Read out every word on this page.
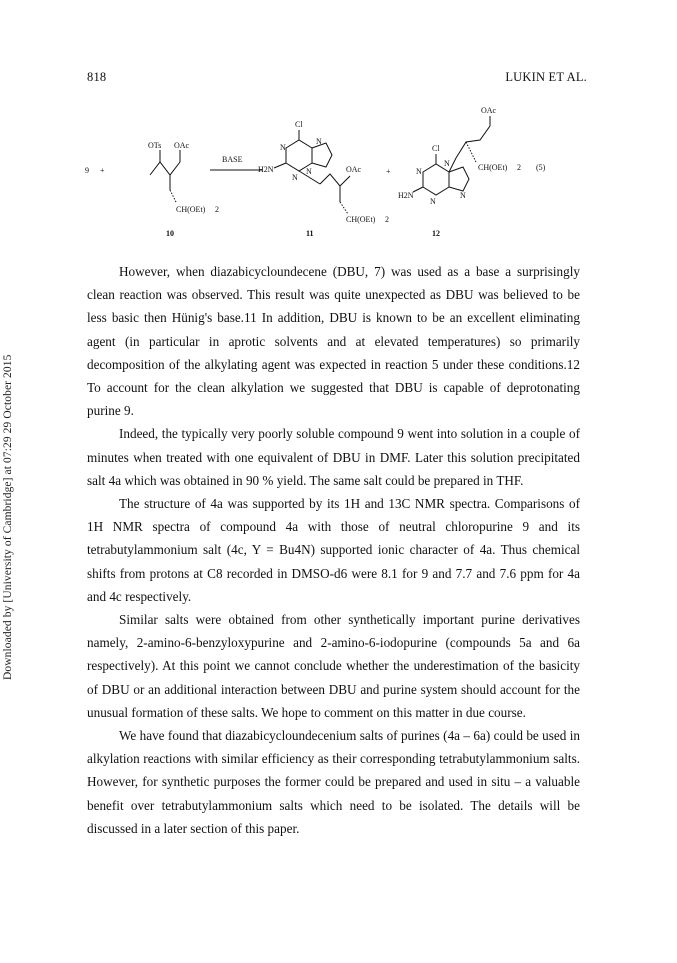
818	LUKIN ET AL.
Downloaded by [University of Cambridge] at 07:29 29 October 2015
9 +
OTs OAc
CH(OEt) 2
10
BASE
Cl
N
N
N
N
H2N	OAc
CH(OEt) 2
11
+
Cl
N
N
N
N
H2N
OAc
CH(OEt) 2
12
(5)

However, when diazabicycloundecene (DBU, 7) was used as a base a surprisingly clean reaction was observed. This result was quite unexpected as DBU was believed to be less basic then Hünig's base.11 In addition, DBU is known to be an excellent eliminating agent (in particular in aprotic solvents and at elevated temperatures) so primarily decomposition of the alkylating agent was expected in reaction 5 under these conditions.12 To account for the clean alkylation we suggested that DBU is capable of deprotonating purine 9.

Indeed, the typically very poorly soluble compound 9 went into solution in a couple of minutes when treated with one equivalent of DBU in DMF. Later this solution precipitated salt 4a which was obtained in 90 % yield. The same salt could be prepared in THF.

The structure of 4a was supported by its 1H and 13C NMR spectra. Comparisons of 1H NMR spectra of compound 4a with those of neutral chloropurine 9 and its tetrabutylammonium salt (4c, Y = Bu4N) supported ionic character of 4a. Thus chemical shifts from protons at C8 recorded in DMSO-d6 were 8.1 for 9 and 7.7 and 7.6 ppm for 4a and 4c respectively.

Similar salts were obtained from other synthetically important purine derivatives namely, 2-amino-6-benzyloxypurine and 2-amino-6-iodopurine (compounds 5a and 6a respectively). At this point we cannot conclude whether the underestimation of the basicity of DBU or an additional interaction between DBU and purine system should account for the unusual formation of these salts. We hope to comment on this matter in due course.

We have found that diazabicycloundecenium salts of purines (4a – 6a) could be used in alkylation reactions with similar efficiency as their corresponding tetrabutylammonium salts. However, for synthetic purposes the former could be prepared and used in situ – a valuable benefit over tetrabutylammonium salts which need to be isolated. The details will be discussed in a later section of this paper.
